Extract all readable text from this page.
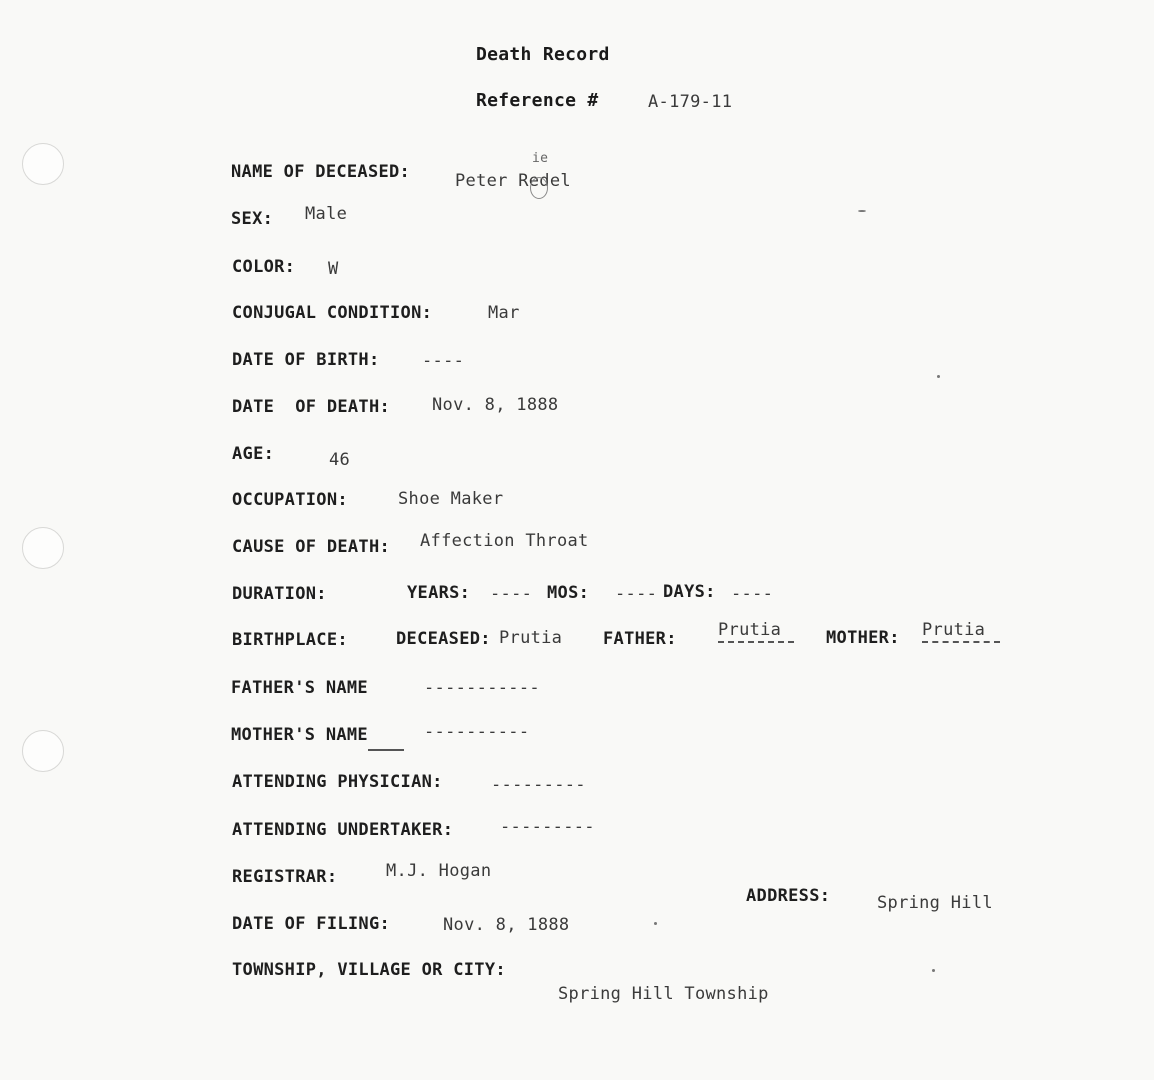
Death Record
Reference #	A-179-11
NAME OF DECEASED:	Peter Redel
ie
SEX: Male
COLOR: W
CONJUGAL CONDITION:	Mar
DATE OF BIRTH:	----
DATE  OF DEATH: Nov. 8, 1888
AGE:	46
OCCUPATION:	Shoe Maker
CAUSE OF DEATH: Affection Throat
DURATION:	YEARS: ---- MOS: ---- DAYS: ----
BIRTHPLACE:	DECEASED: Prutia FATHER: Prutia	MOTHER: Prutia
FATHER'S NAME	-----------
MOTHER'S NAME	----------
ATTENDING PHYSICIAN:	---------
ATTENDING UNDERTAKER:	---------
REGISTRAR:	M.J. Hogan
ADDRESS:	Spring Hill
DATE OF FILING:	Nov. 8, 1888
TOWNSHIP, VILLAGE OR CITY:
Spring Hill Township
